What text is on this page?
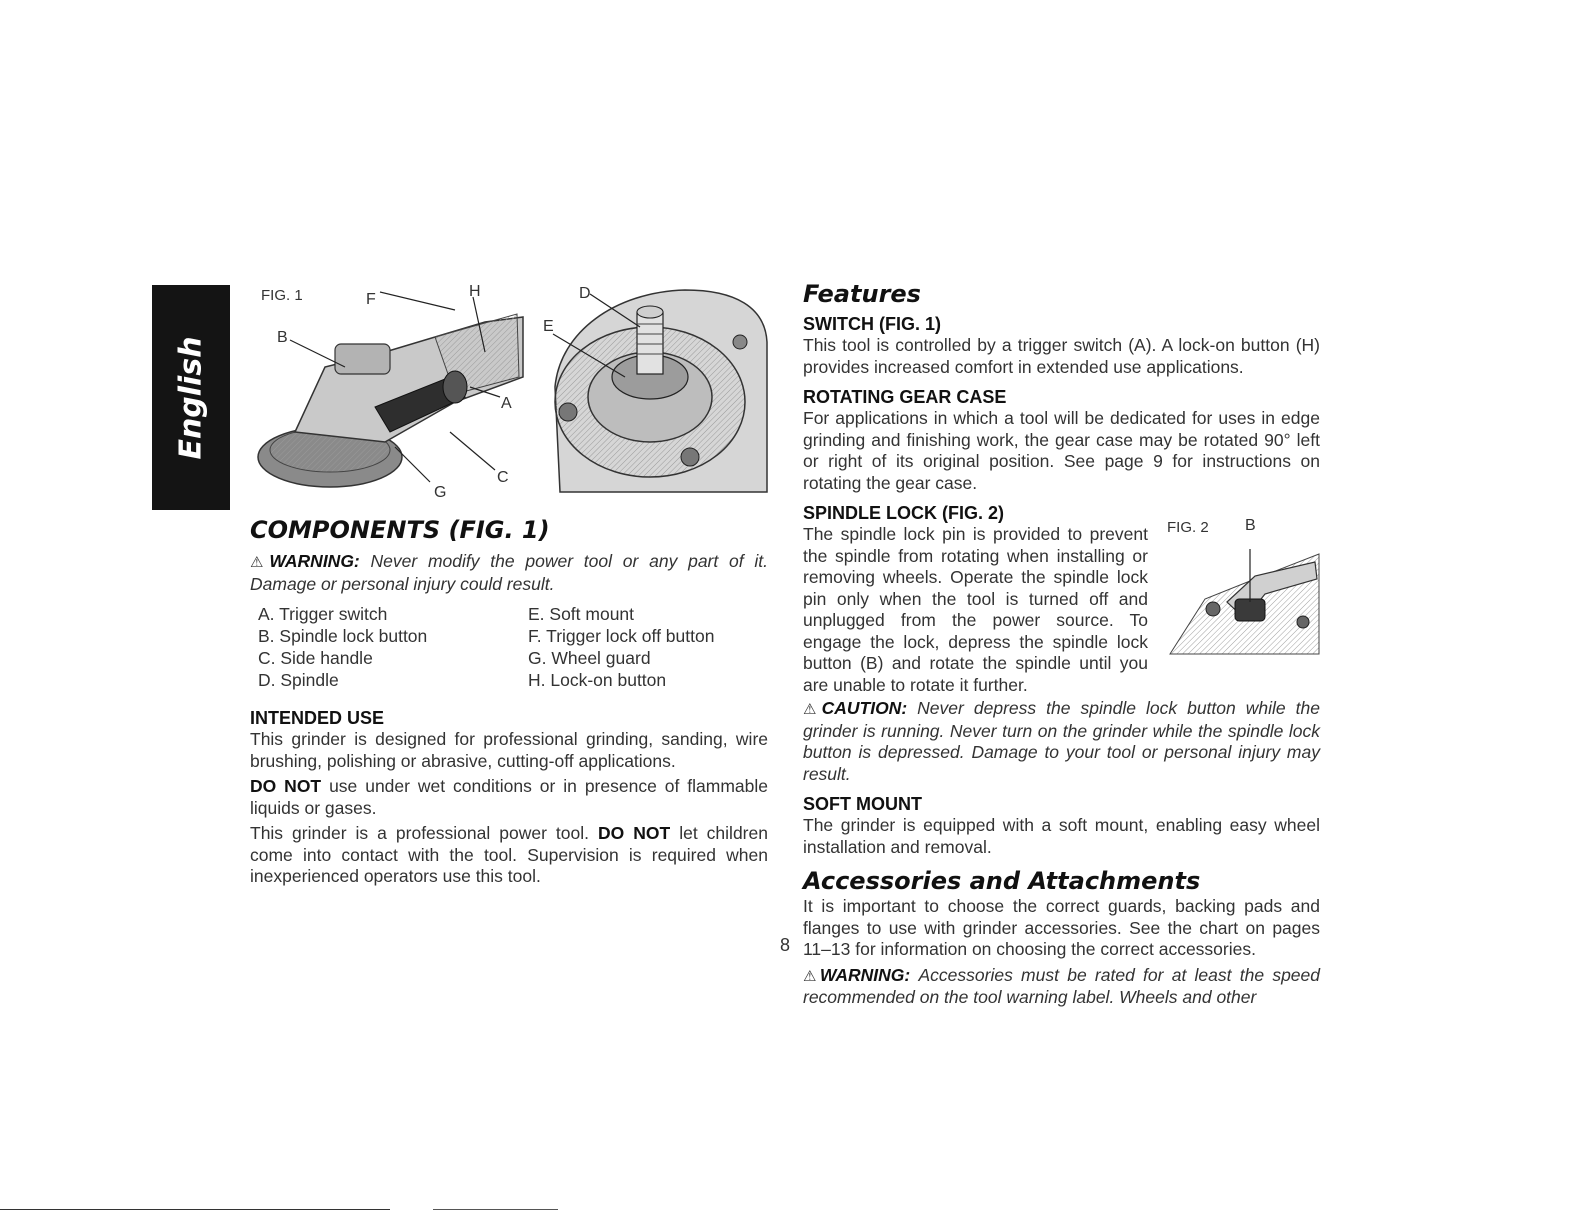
English
FIG. 1	F	H
B
A
C
G
D
E
COMPONENTS (FIG. 1)

⚠WARNING: Never modify the power tool or any part of it. Damage or personal injury could result.

A. Trigger switch	E. Soft mount
B. Spindle lock button	F. Trigger lock off button
C. Side handle	G. Wheel guard
D. Spindle	H. Lock-on button
INTENDED USE

This grinder is designed for professional grinding, sanding, wire brushing, polishing or abrasive, cutting-off applications.

DO NOT use under wet conditions or in presence of flammable liquids or gases.

This grinder is a professional power tool. DO NOT let children come into contact with the tool. Supervision is required when inexperienced operators use this tool.

Features
SWITCH (FIG. 1)

This tool is controlled by a trigger switch (A). A lock-on button (H) provides increased comfort in extended use applications.

ROTATING GEAR CASE

For applications in which a tool will be dedicated for uses in edge grinding and finishing work, the gear case may be rotated 90° left or right of its original position. See page 9 for instructions on rotating the gear case.

SPINDLE LOCK (FIG. 2)

The spindle lock pin is provided to prevent the spindle from rotating when installing or removing wheels. Operate the spindle lock pin only when the tool is turned off and unplugged from the power source. To engage the lock, depress the spindle lock button (B) and rotate the spindle until you are unable to rotate it further.

FIG. 2 B

⚠CAUTION: Never depress the spindle lock button while the grinder is running. Never turn on the grinder while the spindle lock button is depressed. Damage to your tool or personal injury may result.

SOFT MOUNT

The grinder is equipped with a soft mount, enabling easy wheel installation and removal.

Accessories and Attachments

It is important to choose the correct guards, backing pads and flanges to use with grinder accessories. See the chart on pages 11–13 for information on choosing the correct accessories.

⚠WARNING: Accessories must be rated for at least the speed recommended on the tool warning label. Wheels and other

8
